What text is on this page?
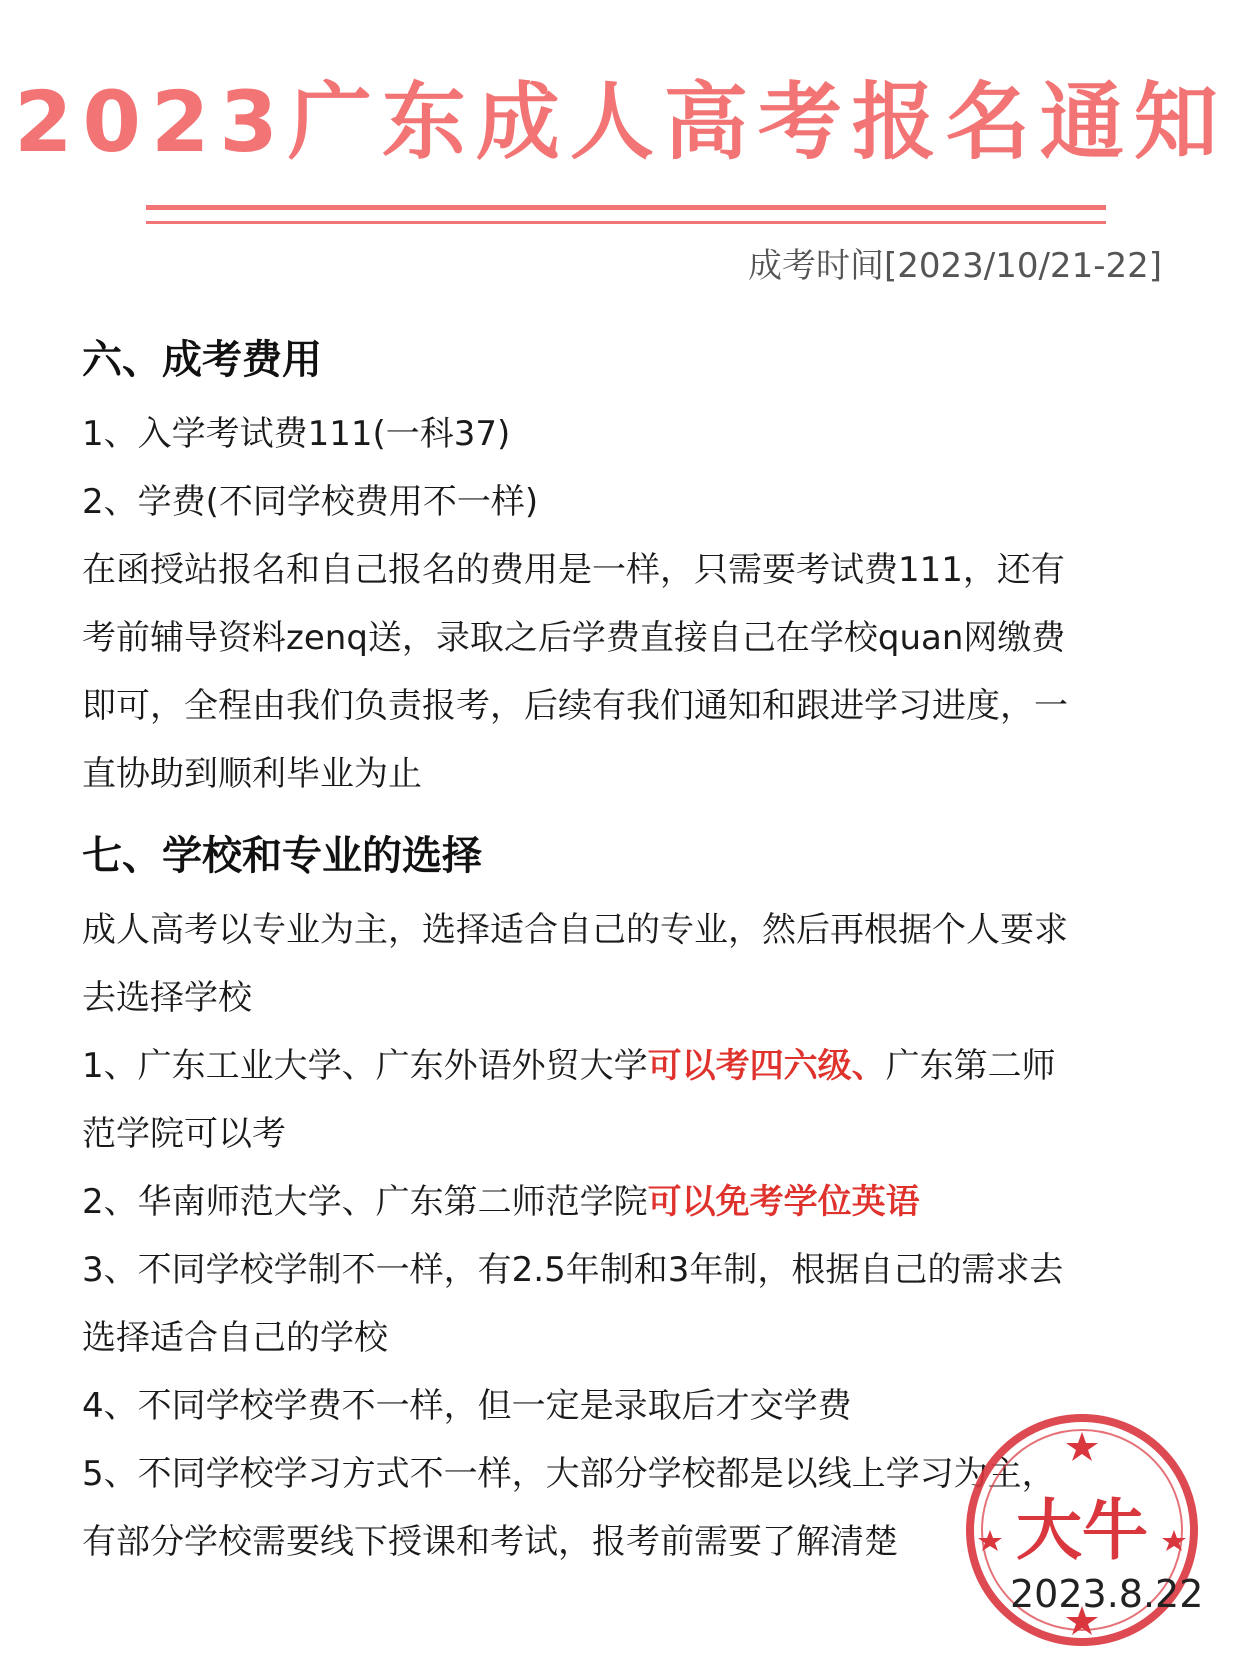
2023广东成人高考报名通知
成考时间[2023/10/21-22]
六、成考费用
1、入学考试费111(一科37)
2、学费(不同学校费用不一样)
在函授站报名和自己报名的费用是一样，只需要考试费111，还有
考前辅导资料zenq送，录取之后学费直接自己在学校quan网缴费
即可，全程由我们负责报考，后续有我们通知和跟进学习进度，一
直协助到顺利毕业为止
七、学校和专业的选择
成人高考以专业为主，选择适合自己的专业，然后再根据个人要求
去选择学校
1、广东工业大学、广东外语外贸大学可以考四六级、广东第二师
范学院可以考
2、华南师范大学、广东第二师范学院可以免考学位英语
3、不同学校学制不一样，有2.5年制和3年制，根据自己的需求去
选择适合自己的学校
4、不同学校学费不一样，但一定是录取后才交学费
5、不同学校学习方式不一样，大部分学校都是以线上学习为主，
有部分学校需要线下授课和考试，报考前需要了解清楚	大牛
2023.8.22
